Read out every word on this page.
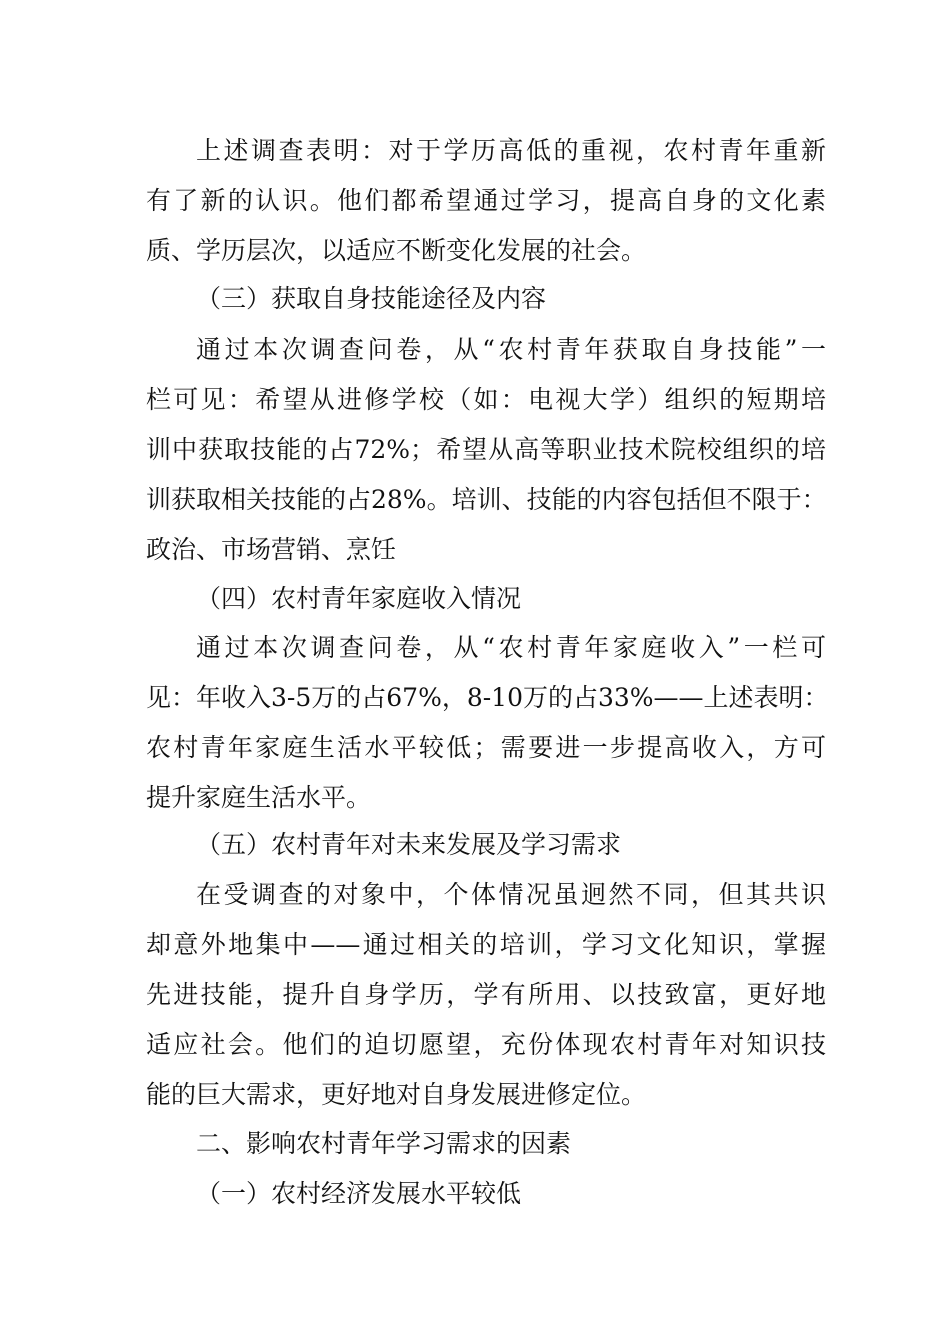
上述调查表明：对于学历高低的重视，农村青年重新
有了新的认识。他们都希望通过学习，提高自身的文化素
质、学历层次，以适应不断变化发展的社会。
（三）获取自身技能途径及内容
通过本次调查问卷，从“农村青年获取自身技能”一
栏可见：希望从进修学校（如：电视大学）组织的短期培
训中获取技能的占72%；希望从高等职业技术院校组织的培
训获取相关技能的占28%。培训、技能的内容包括但不限于：
政治、市场营销、烹饪
（四）农村青年家庭收入情况
通过本次调查问卷，从“农村青年家庭收入”一栏可
见：年收入3-5万的占67%，8-10万的占33%——上述表明：
农村青年家庭生活水平较低；需要进一步提高收入，方可
提升家庭生活水平。
（五）农村青年对未来发展及学习需求
在受调查的对象中，个体情况虽迥然不同，但其共识
却意外地集中——通过相关的培训，学习文化知识，掌握
先进技能，提升自身学历，学有所用、以技致富，更好地
适应社会。他们的迫切愿望，充份体现农村青年对知识技
能的巨大需求，更好地对自身发展进修定位。
二、影响农村青年学习需求的因素
（一）农村经济发展水平较低
